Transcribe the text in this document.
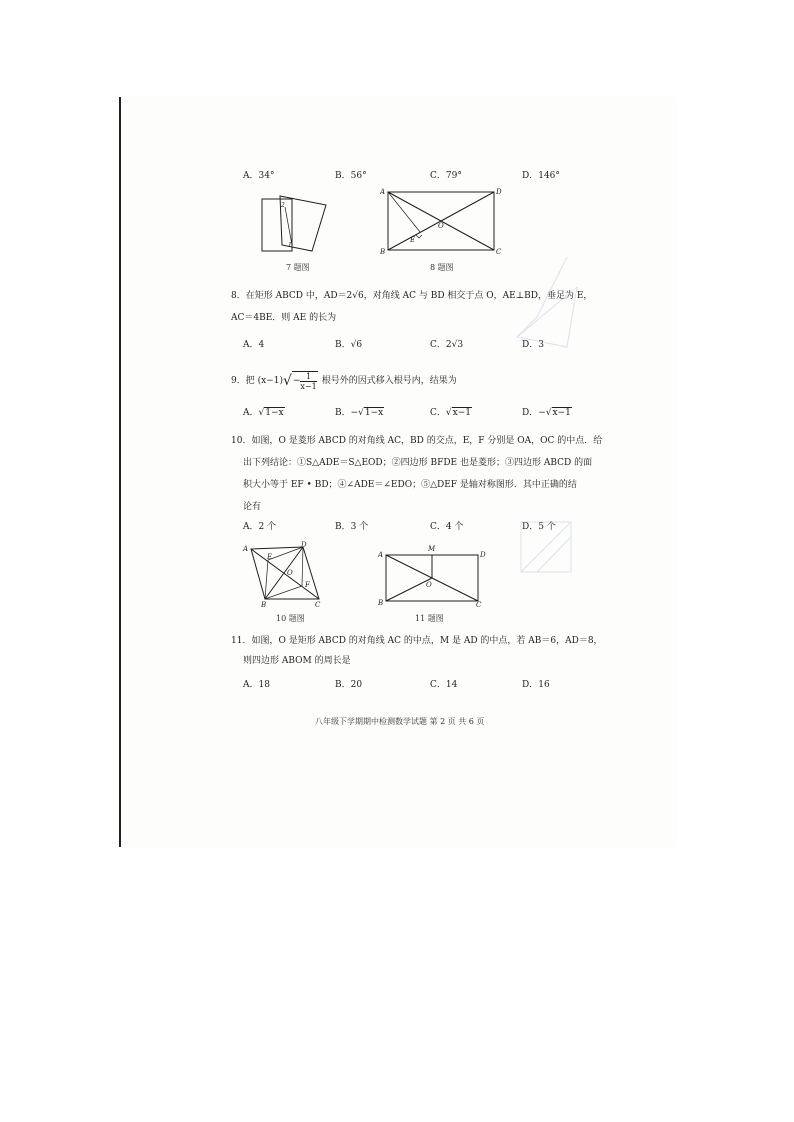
A．34°	B．56°	C．79°	D．146°
2
1
7 题图
A	D
B	C
O
E
8 题图
8．在矩形 ABCD 中，AD＝2√6，对角线 AC 与 BD 相交于点 O，AE⊥BD，垂足为 E，
AC＝4BE．则 AE 的长为
A．4	B．√6	C．2√3	D．3
9．把 (x−1) √ − $\frac{1}{x-1}$ 根号外的因式移入根号内，结果为
A．√1−x	B．−√1−x	C．√x−1	D．−√x−1
10．如图，O 是菱形 ABCD 的对角线 AC，BD 的交点，E，F 分别是 OA，OC 的中点．给
出下列结论：①S△ADE＝S△EOD；②四边形 BFDE 也是菱形；③四边形 ABCD 的面
积大小等于 EF • BD；④∠ADE＝∠EDO；⑤△DEF 是轴对称图形．其中正确的结
论有
A．2 个	B．3 个	C．4 个	D．5 个
A	D
B	C
O
E
F
10 题图
A
M
D
B	C
O
11 题图
11．如图，O 是矩形 ABCD 的对角线 AC 的中点，M 是 AD 的中点，若 AB＝6，AD＝8，
则四边形 ABOM 的周长是
A．18	B．20	C．14	D．16
八年级下学期期中检测数学试题 第 2 页 共 6 页
